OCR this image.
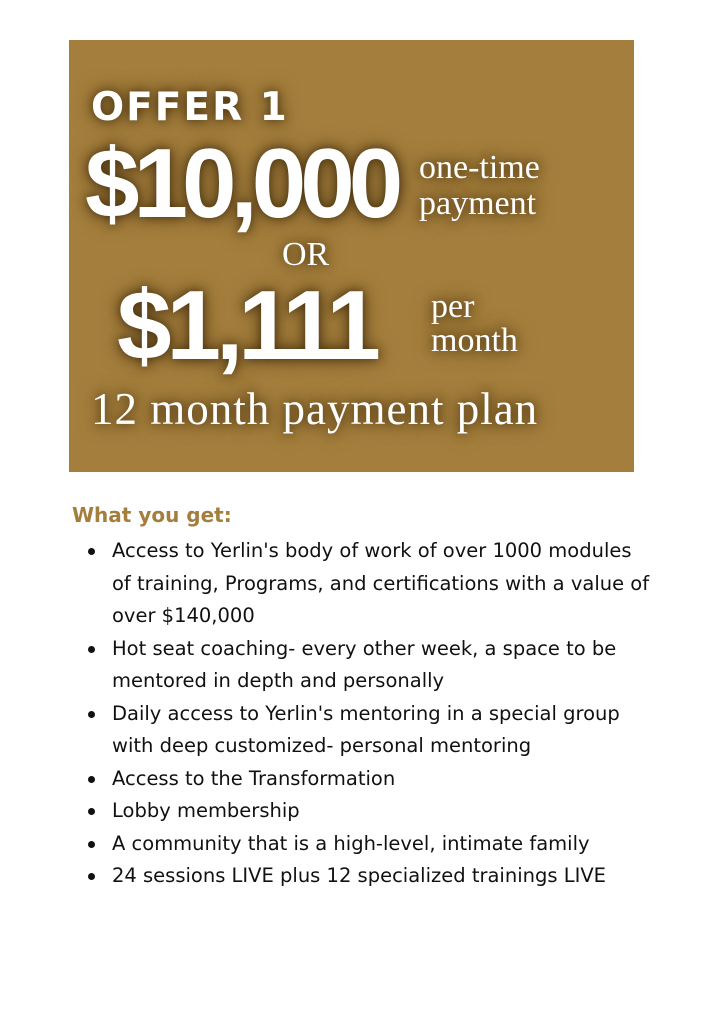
OFFER 1
$10,000 one-time
payment
OR
$1,111 per
month
12 month payment plan
What you get:
Access to Yerlin's body of work of over 1000 modules of training, Programs, and certifications with a value of over $140,000
Hot seat coaching- every other week, a space to be mentored in depth and personally
Daily access to Yerlin's mentoring in a special group with deep customized- personal mentoring
Access to the Transformation
Lobby membership
A community that is a high-level, intimate family
24 sessions LIVE plus 12 specialized trainings LIVE
